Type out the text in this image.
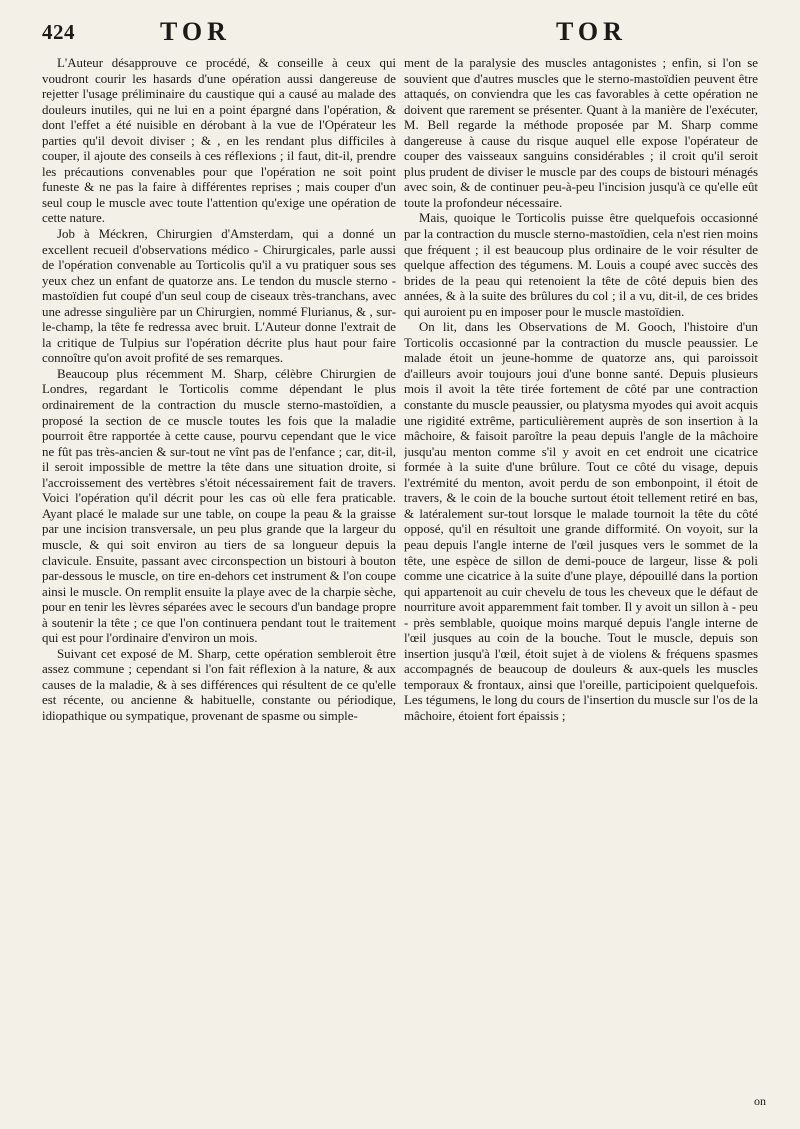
424	TOR	TOR

L'Auteur désapprouve ce procédé, & conseille à ceux qui voudront courir les hasards d'une opération aussi dangereuse de rejetter l'usage préliminaire du caustique qui a causé au malade des douleurs inutiles, qui ne lui en a point épargné dans l'opération, & dont l'effet a été nuisible en dérobant à la vue de l'Opérateur les parties qu'il devoit diviser ; & , en les rendant plus difficiles à couper, il ajoute des conseils à ces réflexions ; il faut, dit-il, prendre les précautions convenables pour que l'opération ne soit point funeste & ne pas la faire à différentes reprises ; mais couper d'un seul coup le muscle avec toute l'attention qu'exige une opération de cette nature.

Job à Méckren, Chirurgien d'Amsterdam, qui a donné un excellent recueil d'observations médico - Chirurgicales, parle aussi de l'opération convenable au Torticolis qu'il a vu pratiquer sous ses yeux chez un enfant de quatorze ans. Le tendon du muscle sterno - mastoïdien fut coupé d'un seul coup de ciseaux très-tranchans, avec une adresse singulière par un Chirurgien, nommé Flurianus, & , sur-le-champ, la tête fe redressa avec bruit. L'Auteur donne l'extrait de la critique de Tulpius sur l'opération décrite plus haut pour faire connoître qu'on avoit profité de ses remarques.

Beaucoup plus récemment M. Sharp, célèbre Chirurgien de Londres, regardant le Torticolis comme dépendant le plus ordinairement de la contraction du muscle sterno-mastoïdien, a proposé la section de ce muscle toutes les fois que la maladie pourroit être rapportée à cette cause, pourvu cependant que le vice ne fût pas très-ancien & sur-tout ne vînt pas de l'enfance ; car, dit-il, il seroit impossible de mettre la tête dans une situation droite, si l'accroissement des vertèbres s'étoit nécessairement fait de travers. Voici l'opération qu'il décrit pour les cas où elle fera praticable. Ayant placé le malade sur une table, on coupe la peau & la graisse par une incision transversale, un peu plus grande que la largeur du muscle, & qui soit environ au tiers de sa longueur depuis la clavicule. Ensuite, passant avec circonspection un bistouri à bouton par-dessous le muscle, on tire en-dehors cet instrument & l'on coupe ainsi le muscle. On remplit ensuite la playe avec de la charpie sèche, pour en tenir les lèvres séparées avec le secours d'un bandage propre à soutenir la tête ; ce que l'on continuera pendant tout le traitement qui est pour l'ordinaire d'environ un mois.

Suivant cet exposé de M. Sharp, cette opération sembleroit être assez commune ; cependant si l'on fait réflexion à la nature, & aux causes de la maladie, & à ses différences qui résultent de ce qu'elle est récente, ou ancienne & habituelle, constante ou périodique, idiopathique ou sympatique, provenant de spasme ou simple-

ment de la paralysie des muscles antagonistes ; enfin, si l'on se souvient que d'autres muscles que le sterno-mastoïdien peuvent être attaqués, on conviendra que les cas favorables à cette opération ne doivent que rarement se présenter. Quant à la manière de l'exécuter, M. Bell regarde la méthode proposée par M. Sharp comme dangereuse à cause du risque auquel elle expose l'opérateur de couper des vaisseaux sanguins considérables ; il croit qu'il seroit plus prudent de diviser le muscle par des coups de bistouri ménagés avec soin, & de continuer peu-à-peu l'incision jusqu'à ce qu'elle eût toute la profondeur nécessaire.

Mais, quoique le Torticolis puisse être quelquefois occasionné par la contraction du muscle sterno-mastoïdien, cela n'est rien moins que fréquent ; il est beaucoup plus ordinaire de le voir résulter de quelque affection des tégumens. M. Louis a coupé avec succès des brides de la peau qui retenoient la tête de côté depuis bien des années, & à la suite des brûlures du col ; il a vu, dit-il, de ces brides qui auroient pu en imposer pour le muscle mastoïdien.

On lit, dans les Observations de M. Gooch, l'histoire d'un Torticolis occasionné par la contraction du muscle peaussier. Le malade étoit un jeune-homme de quatorze ans, qui paroissoit d'ailleurs avoir toujours joui d'une bonne santé. Depuis plusieurs mois il avoit la tête tirée fortement de côté par une contraction constante du muscle peaussier, ou platysma myodes qui avoit acquis une rigidité extrême, particulièrement auprès de son insertion à la mâchoire, & faisoit paroître la peau depuis l'angle de la mâchoire jusqu'au menton comme s'il y avoit en cet endroit une cicatrice formée à la suite d'une brûlure. Tout ce côté du visage, depuis l'extrémité du menton, avoit perdu de son embonpoint, il étoit de travers, & le coin de la bouche surtout étoit tellement retiré en bas, & latéralement sur-tout lorsque le malade tournoit la tête du côté opposé, qu'il en résultoit une grande difformité. On voyoit, sur la peau depuis l'angle interne de l'œil jusques vers le sommet de la tête, une espèce de sillon de demi-pouce de largeur, lisse & poli comme une cicatrice à la suite d'une playe, dépouillé dans la portion qui appartenoit au cuir chevelu de tous les cheveux que le défaut de nourriture avoit apparemment fait tomber. Il y avoit un sillon à - peu - près semblable, quoique moins marqué depuis l'angle interne de l'œil jusques au coin de la bouche. Tout le muscle, depuis son insertion jusqu'à l'œil, étoit sujet à de violens & fréquens spasmes accompagnés de beaucoup de douleurs & aux-quels les muscles temporaux & frontaux, ainsi que l'oreille, participoient quelquefois. Les tégumens, le long du cours de l'insertion du muscle sur l'os de la mâchoire, étoient fort épaissis ;

on
